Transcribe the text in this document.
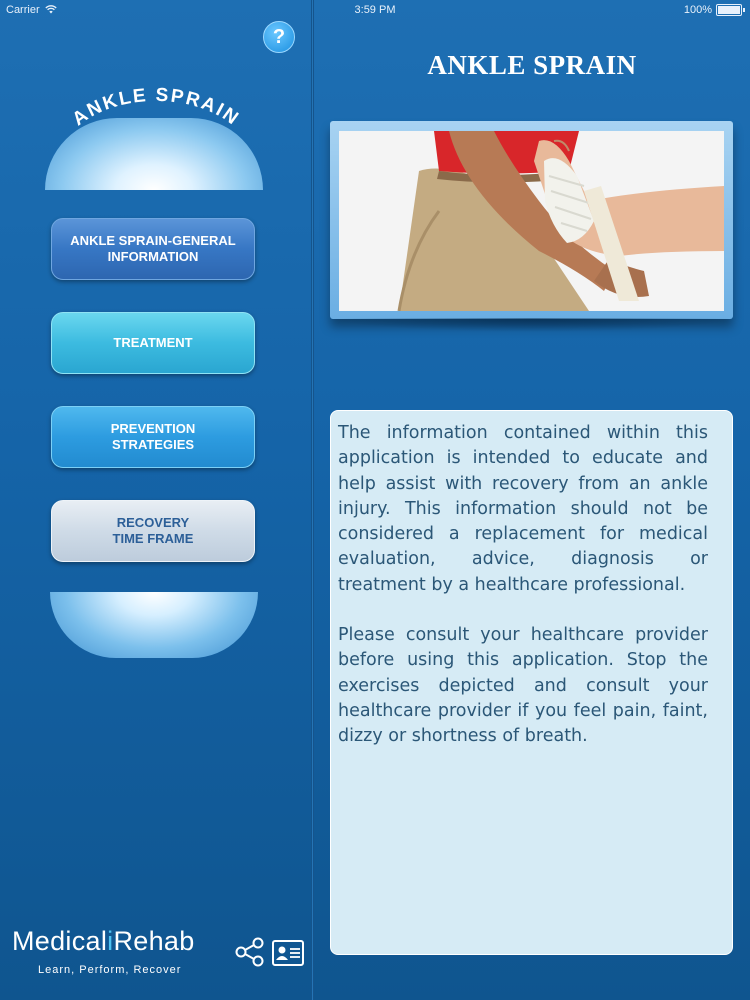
Carrier	3:59 PM	100%
?
ANKLE SPRAIN
ANKLE SPRAIN-GENERAL
INFORMATION
TREATMENT
PREVENTION
STRATEGIES
RECOVERY
TIME FRAME
MedicaliRehab
Learn, Perform, Recover
ANKLE SPRAIN

The information contained within this application is intended to educate and help assist with recovery from an ankle injury. This information should not be considered a replacement for medical evaluation, advice, diagnosis or treatment by a healthcare professional.

Please consult your healthcare provider before using this application. Stop the exercises depicted and consult your healthcare provider if you feel pain, faint, dizzy or shortness of breath.
